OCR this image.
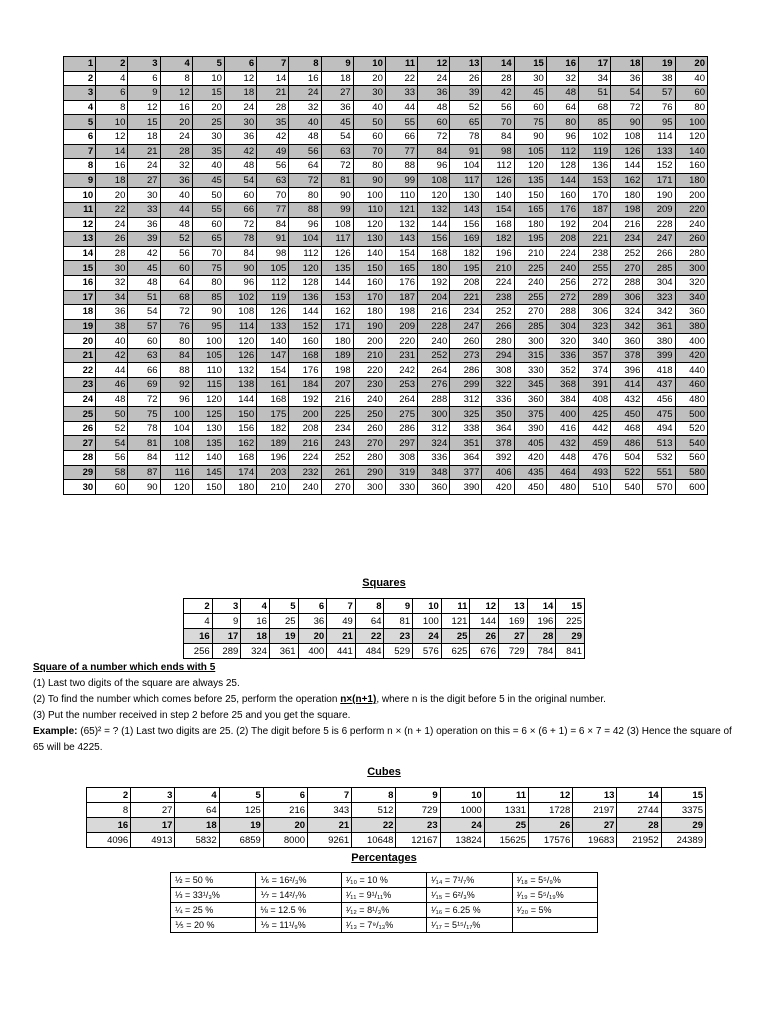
1	2	3	4	5	6	7	8	9	10	11	12	13	14	15	16	17	18	19	20
2	4	6	8	10	12	14	16	18	20	22	24	26	28	30	32	34	36	38	40
3	6	9	12	15	18	21	24	27	30	33	36	39	42	45	48	51	54	57	60
4	8	12	16	20	24	28	32	36	40	44	48	52	56	60	64	68	72	76	80
5	10	15	20	25	30	35	40	45	50	55	60	65	70	75	80	85	90	95	100
6	12	18	24	30	36	42	48	54	60	66	72	78	84	90	96	102	108	114	120
7	14	21	28	35	42	49	56	63	70	77	84	91	98	105	112	119	126	133	140
8	16	24	32	40	48	56	64	72	80	88	96	104	112	120	128	136	144	152	160
9	18	27	36	45	54	63	72	81	90	99	108	117	126	135	144	153	162	171	180
10	20	30	40	50	60	70	80	90	100	110	120	130	140	150	160	170	180	190	200
11	22	33	44	55	66	77	88	99	110	121	132	143	154	165	176	187	198	209	220
12	24	36	48	60	72	84	96	108	120	132	144	156	168	180	192	204	216	228	240
13	26	39	52	65	78	91	104	117	130	143	156	169	182	195	208	221	234	247	260
14	28	42	56	70	84	98	112	126	140	154	168	182	196	210	224	238	252	266	280
15	30	45	60	75	90	105	120	135	150	165	180	195	210	225	240	255	270	285	300
16	32	48	64	80	96	112	128	144	160	176	192	208	224	240	256	272	288	304	320
17	34	51	68	85	102	119	136	153	170	187	204	221	238	255	272	289	306	323	340
18	36	54	72	90	108	126	144	162	180	198	216	234	252	270	288	306	324	342	360
19	38	57	76	95	114	133	152	171	190	209	228	247	266	285	304	323	342	361	380
20	40	60	80	100	120	140	160	180	200	220	240	260	280	300	320	340	360	380	400
21	42	63	84	105	126	147	168	189	210	231	252	273	294	315	336	357	378	399	420
22	44	66	88	110	132	154	176	198	220	242	264	286	308	330	352	374	396	418	440
23	46	69	92	115	138	161	184	207	230	253	276	299	322	345	368	391	414	437	460
24	48	72	96	120	144	168	192	216	240	264	288	312	336	360	384	408	432	456	480
25	50	75	100	125	150	175	200	225	250	275	300	325	350	375	400	425	450	475	500
26	52	78	104	130	156	182	208	234	260	286	312	338	364	390	416	442	468	494	520
27	54	81	108	135	162	189	216	243	270	297	324	351	378	405	432	459	486	513	540
28	56	84	112	140	168	196	224	252	280	308	336	364	392	420	448	476	504	532	560
29	58	87	116	145	174	203	232	261	290	319	348	377	406	435	464	493	522	551	580
30	60	90	120	150	180	210	240	270	300	330	360	390	420	450	480	510	540	570	600
Squares
2	3	4	5	6	7	8	9	10	11	12	13	14	15
4	9	16	25	36	49	64	81	100	121	144	169	196	225
16	17	18	19	20	21	22	23	24	25	26	27	28	29
256	289	324	361	400	441	484	529	576	625	676	729	784	841

Square of a number which ends with 5

(1) Last two digits of the square are always 25.

(2) To find the number which comes before 25, perform the operation n×(n+1), where n is the digit before 5 in the original number.

(3) Put the number received in step 2 before 25 and you get the square.

Example: (65)² = ? (1) Last two digits are 25. (2) The digit before 5 is 6 perform n × (n + 1) operation on this = 6 × (6 + 1) = 6 × 7 = 42 (3) Hence the square of 65 will be 4225.

Cubes
2	3	4	5	6	7	8	9	10	11	12	13	14	15
8	27	64	125	216	343	512	729	1000	1331	1728	2197	2744	3375
16	17	18	19	20	21	22	23	24	25	26	27	28	29
4096	4913	5832	6859	8000	9261	10648	12167	13824	15625	17576	19683	21952	24389
Percentages
½ = 50 %	⅙ = 16²/₃%	¹⁄₁₀ = 10 %	¹⁄₁₄ = 7¹/₇%	¹⁄₁₈ = 5⁵/₉%
⅓ = 33¹/₃%	⅐ = 14²/₇%	¹⁄₁₁ = 9¹/₁₁%	¹⁄₁₅ = 6²/₃%	¹⁄₁₉ = 5⁵/₁₉%
¼ = 25 %	⅛ = 12.5 %	¹⁄₁₂ = 8¹/₃%	¹⁄₁₆ = 6.25 %	¹⁄₂₀ = 5%
⅕ = 20 %	⅑ = 11¹/₉%	¹⁄₁₃ = 7⁹/₁₃%	¹⁄₁₇ = 5¹⁵/₁₇%	
